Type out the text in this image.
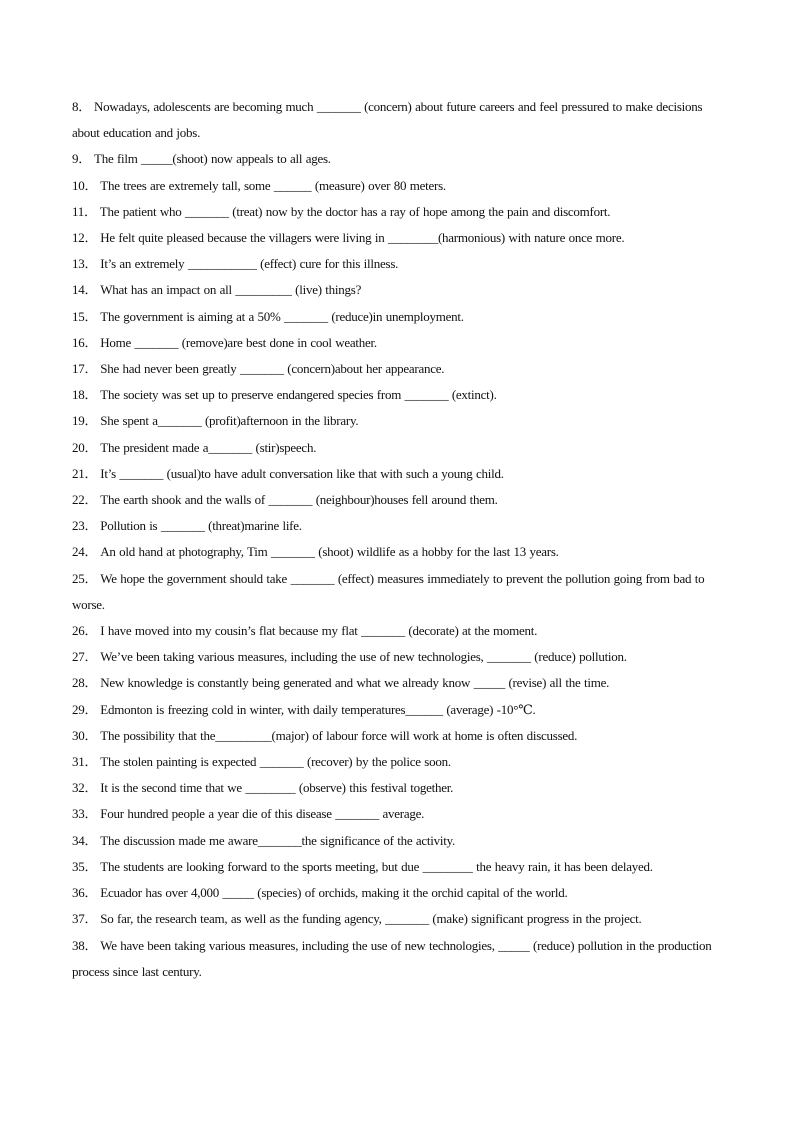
8． Nowadays, adolescents are becoming much _______ (concern) about future careers and feel pressured to make decisions about education and jobs.

9． The film _____(shoot) now appeals to all ages.

10． The trees are extremely tall, some ______ (measure) over 80 meters.

11． The patient who _______ (treat) now by the doctor has a ray of hope among the pain and discomfort.

12． He felt quite pleased because the villagers were living in ________(harmonious) with nature once more.

13． It’s an extremely ___________ (effect) cure for this illness.

14． What has an impact on all _________ (live) things?

15． The government is aiming at a 50% _______ (reduce)in unemployment.

16． Home _______ (remove)are best done in cool weather.

17． She had never been greatly _______ (concern)about her appearance.

18． The society was set up to preserve endangered species from _______ (extinct).

19． She spent a_______ (profit)afternoon in the library.

20． The president made a_______ (stir)speech.

21． It’s _______ (usual)to have adult conversation like that with such a young child.

22． The earth shook and the walls of _______ (neighbour)houses fell around them.

23． Pollution is _______ (threat)marine life.

24． An old hand at photography, Tim _______ (shoot) wildlife as a hobby for the last 13 years.

25． We hope the government should take _______ (effect) measures immediately to prevent the pollution going from bad to worse.

26． I have moved into my cousin’s flat because my flat _______ (decorate) at the moment.

27． We’ve been taking various measures, including the use of new technologies, _______ (reduce) pollution.

28． New knowledge is constantly being generated and what we already know _____ (revise) all the time.

29． Edmonton is freezing cold in winter, with daily temperatures______ (average) -10°℃.

30． The possibility that the_________(major) of labour force will work at home is often discussed.

31． The stolen painting is expected _______ (recover) by the police soon.

32． It is the second time that we ________ (observe) this festival together.

33． Four hundred people a year die of this disease _______ average.

34． The discussion made me aware_______the significance of the activity.

35． The students are looking forward to the sports meeting, but due ________ the heavy rain, it has been delayed.

36． Ecuador has over 4,000 _____ (species) of orchids, making it the orchid capital of the world.

37． So far, the research team, as well as the funding agency, _______ (make) significant progress in the project.

38． We have been taking various measures, including the use of new technologies, _____ (reduce) pollution in the production process since last century.
